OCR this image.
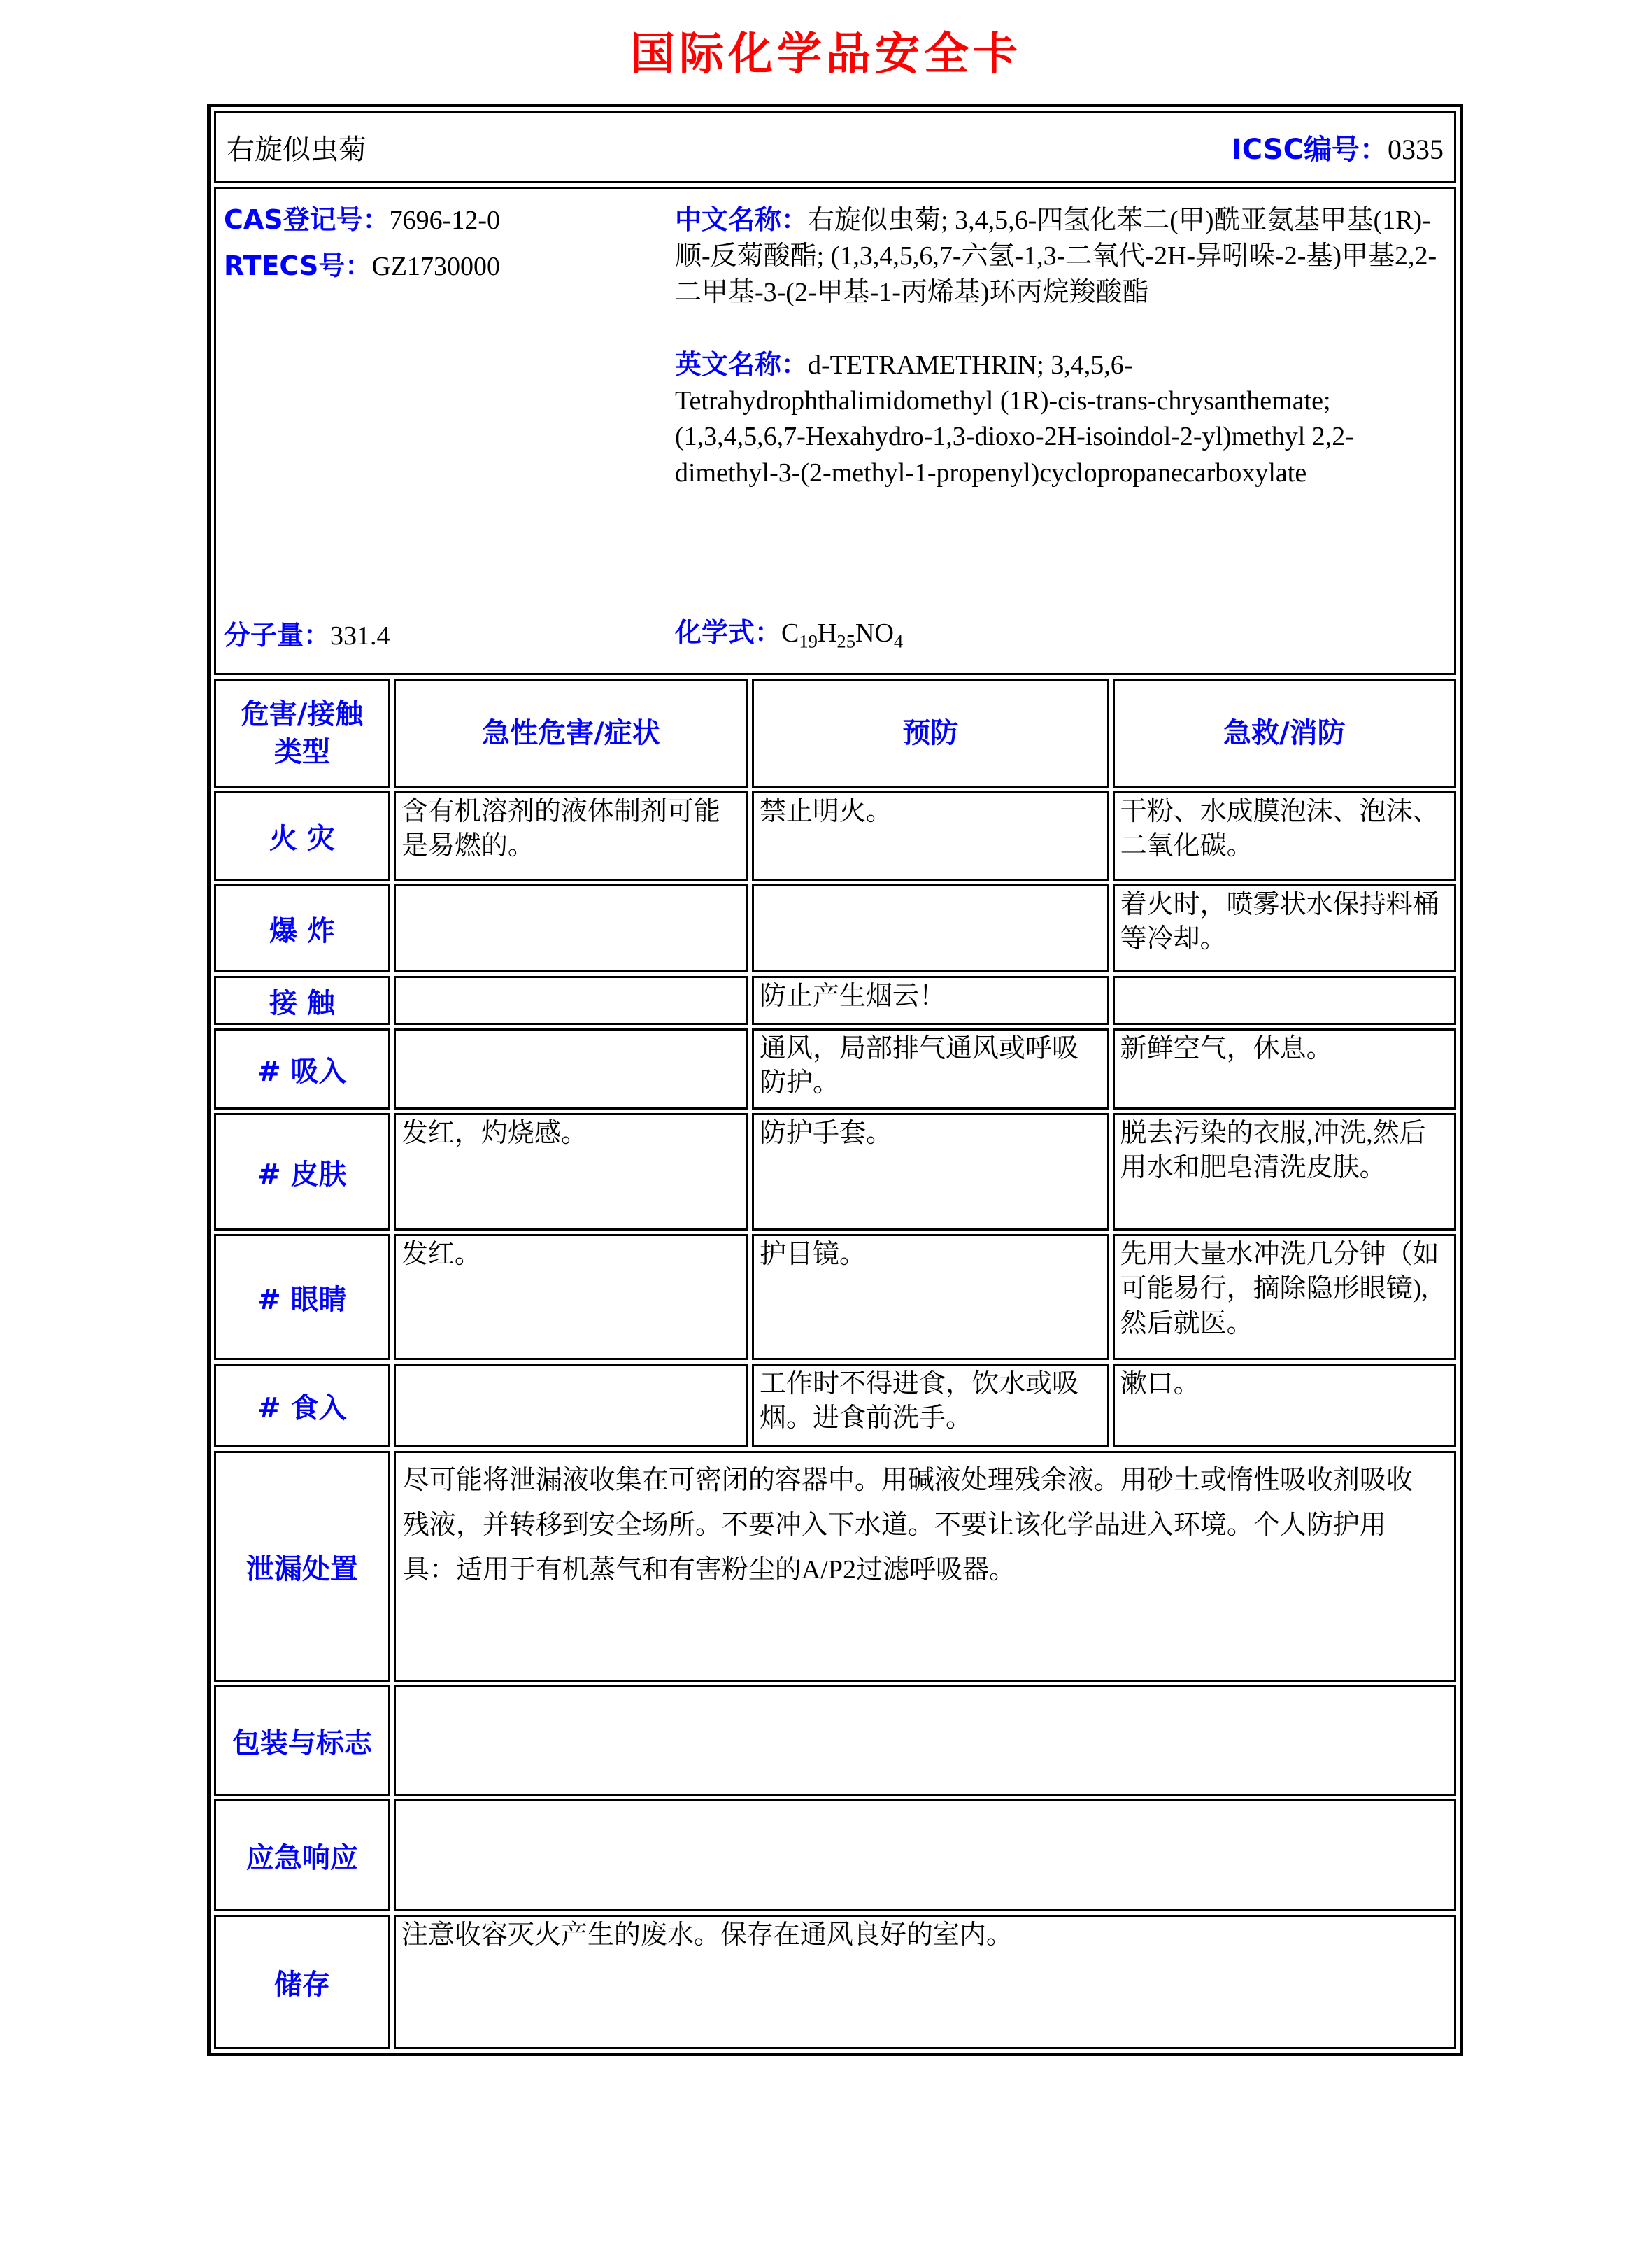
国际化学品安全卡
右旋似虫菊 ICSC编号：0335			

CAS登记号：7696-12-0
RTECS号：GZ1730000

中文名称：右旋似虫菊; 3,4,5,6-四氢化苯二(甲)酰亚氨基甲基(1R)-顺-反菊酸酯; (1,3,4,5,6,7-六氢-1,3-二氧代-2H-异吲哚-2-基)甲基2,2-二甲基-3-(2-甲基-1-丙烯基)环丙烷羧酸酯

英文名称：d-TETRAMETHRIN; 3,4,5,6-Tetrahydrophthalimidomethyl (1R)-cis-trans-chrysanthemate; (1,3,4,5,6,7-Hexahydro-1,3-dioxo-2H-isoindol-2-yl)methyl 2,2-dimethyl-3-(2-methyl-1-propenyl)cyclopropanecarboxylate

分子量：331.4	化学式：$C_{19}H_{25}NO_4$

危害/接触
类型	急性危害/症状	预防	急救/消防
火 灾	含有机溶剂的液体制剂可能是易燃的。	禁止明火。	干粉、水成膜泡沫、泡沫、二氧化碳。
爆 炸			着火时，喷雾状水保持料桶等冷却。
接 触		防止产生烟云！	
# 吸入		通风，局部排气通风或呼吸防护。	新鲜空气，休息。
# 皮肤	发红，灼烧感。	防护手套。	脱去污染的衣服,冲洗,然后用水和肥皂清洗皮肤。
# 眼睛	发红。	护目镜。	先用大量水冲洗几分钟（如可能易行，摘除隐形眼镜),然后就医。
# 食入		工作时不得进食，饮水或吸烟。进食前洗手。	漱口。
泄漏处置	尽可能将泄漏液收集在可密闭的容器中。用碱液处理残余液。用砂土或惰性吸收剂吸收残液，并转移到安全场所。不要冲入下水道。不要让该化学品进入环境。个人防护用具：适用于有机蒸气和有害粉尘的A/P2过滤呼吸器。		
包装与标志			
应急响应			
储存	注意收容灭火产生的废水。保存在通风良好的室内。		
